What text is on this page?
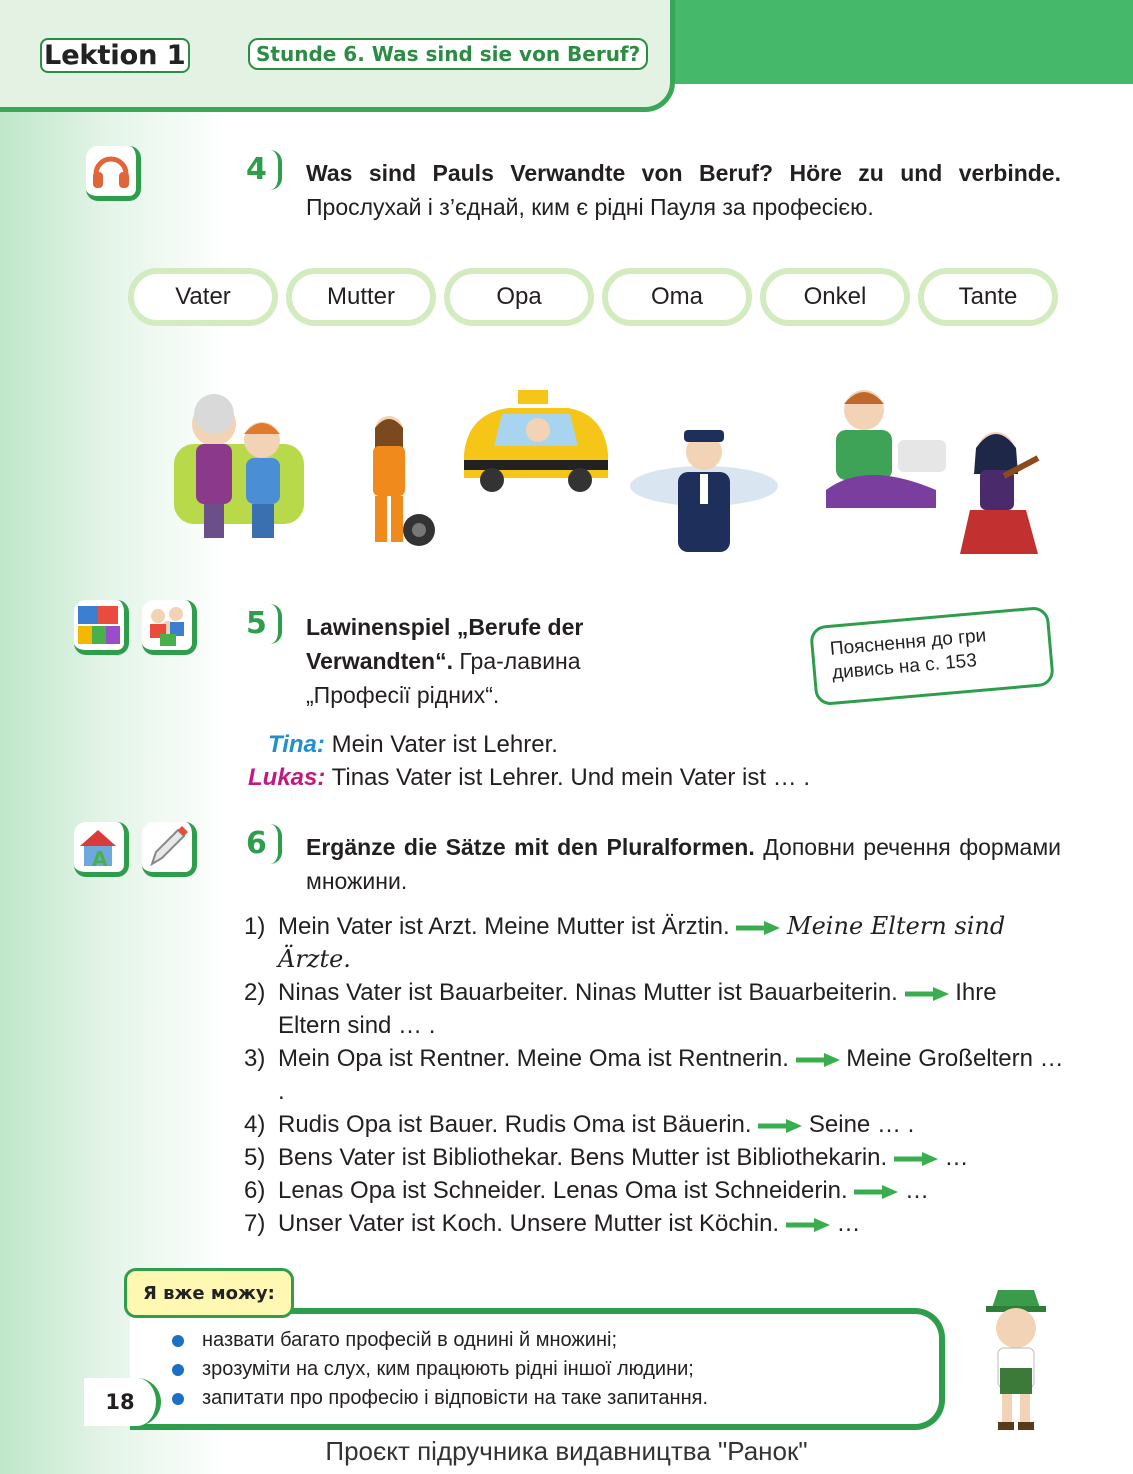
Lektion 1	Stunde 6. Was sind sie von Beruf?
4 Was sind Pauls Verwandte von Beruf? Höre zu und verbinde. Прослухай і з’єднай, ким є рідні Пауля за професією.
Vater	Mutter	Opa	Oma	Onkel	Tante
5 Lawinenspiel „Berufe der Verwandten“. Гра-лавина „Професії рідних“.
Пояснення до гри дивись на с. 153
Tina: Mein Vater ist Lehrer.
Lukas: Tinas Vater ist Lehrer. Und mein Vater ist … .
A	6 Ergänze die Sätze mit den Pluralformen. Доповни речення формами множини.
1) Mein Vater ist Arzt. Meine Mutter ist Ärztin. Meine Eltern sind Ärzte.
2) Ninas Vater ist Bauarbeiter. Ninas Mutter ist Bauarbeiterin. Ihre Eltern sind … .
3) Mein Opa ist Rentner. Meine Oma ist Rentnerin. Meine Großeltern … .
4) Rudis Opa ist Bauer. Rudis Oma ist Bäuerin. Seine … .
5) Bens Vater ist Bibliothekar. Bens Mutter ist Bibliothekarin. …
6) Lenas Opa ist Schneider. Lenas Oma ist Schneiderin. …
7) Unser Vater ist Koch. Unsere Mutter ist Köchin. …
Я вже можу:
назвати багато професій в однині й множині;
зрозуміти на слух, ким працюють рідні іншої людини;
запитати про професію і відповісти на таке запитання.
18
Проєкт підручника видавництва "Ранок"
